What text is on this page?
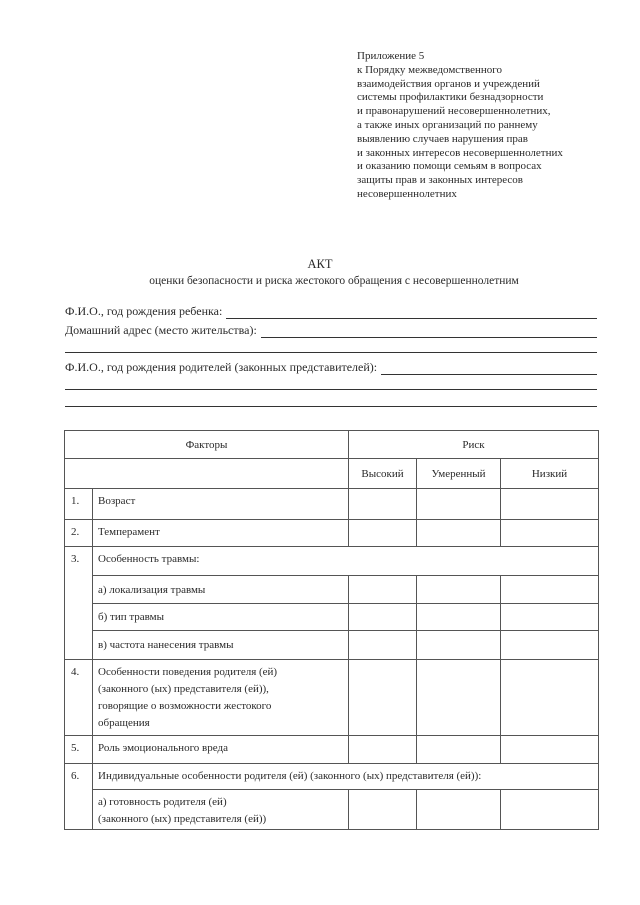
Приложение 5
к Порядку межведомственного
взаимодействия органов и учреждений
системы профилактики безнадзорности
и правонарушений несовершеннолетних,
а также иных организаций по раннему
выявлению случаев нарушения прав
и законных интересов несовершеннолетних
и оказанию помощи семьям в вопросах
защиты прав и законных интересов
несовершеннолетних
АКТ
оценки безопасности и риска жестокого обращения с несовершеннолетним
Ф.И.О., год рождения ребенка:
Домашний адрес (место жительства):
Ф.И.О., год рождения родителей (законных представителей):
Факторы		Риск		
		Высокий	Умеренный	Низкий
1.	Возраст			
2.	Темперамент			
3.	Особенность травмы:			
	а) локализация травмы			
	б) тип травмы			
	в) частота нанесения травмы			
4.	Особенности поведения родителя (ей)
(законного (ых) представителя (ей)),
говорящие о возможности жестокого
обращения			

5.	Роль эмоционального вреда			
6.	Индивидуальные особенности родителя (ей) (законного (ых) представителя (ей)):			

	а) готовность родителя (ей)
(законного (ых) представителя (ей))			
